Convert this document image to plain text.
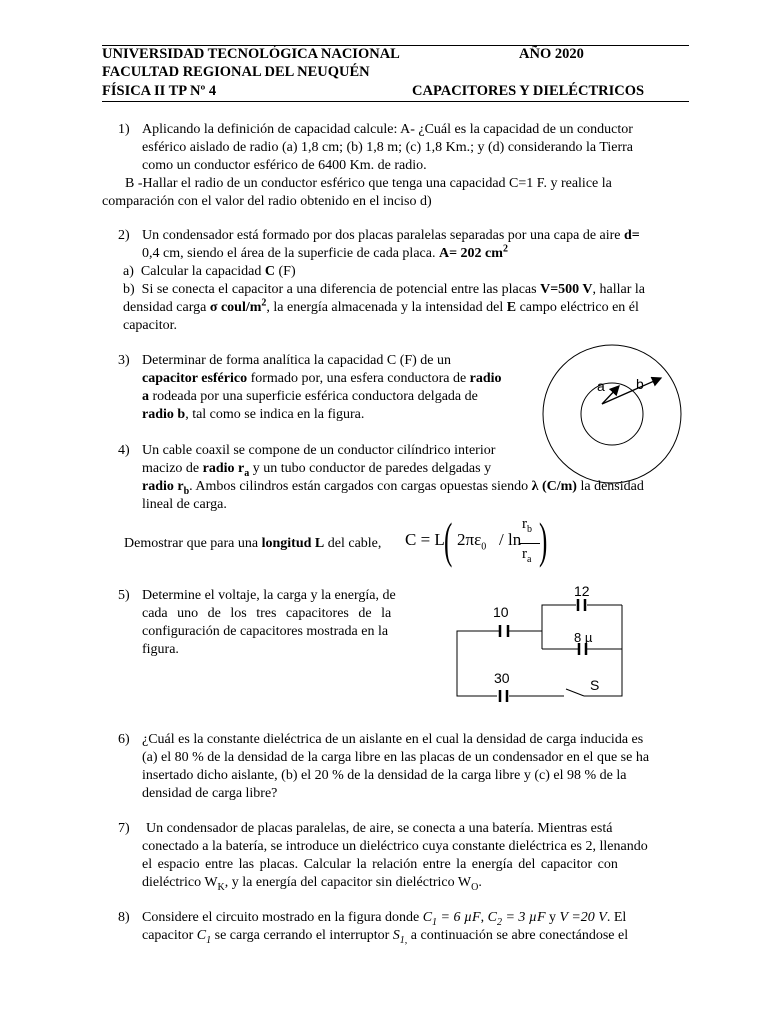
UNIVERSIDAD TECNOLÓGICA NACIONAL	AÑO 2020
FACULTAD REGIONAL DEL NEUQUÉN
FÍSICA II TP Nº 4	CAPACITORES Y DIELÉCTRICOS
1) Aplicando la definición de capacidad calcule: A- ¿Cuál es la capacidad de un conductor
esférico aislado de radio (a) 1,8 cm; (b) 1,8 m; (c) 1,8 Km.; y (d) considerando la Tierra
como un conductor esférico de 6400 Km. de radio.
B -Hallar el radio de un conductor esférico que tenga una capacidad C=1 F. y realice la
comparación con el valor del radio obtenido en el inciso d)
2) Un condensador está formado por dos placas paralelas separadas por una capa de aire d=
0,4 cm, siendo el área de la superficie de cada placa. A= 202 $cm^2$
a) Calcular la capacidad C (F)
b) Si se conecta el capacitor a una diferencia de potencial entre las placas V=500 V, hallar la
densidad carga σ coul/$m^2$, la energía almacenada y la intensidad del E campo eléctrico en él
capacitor.
3) Determinar de forma analítica la capacidad C (F) de un
capacitor esférico formado por, una esfera conductora de radio
a rodeada por una superficie esférica conductora delgada de
radio b, tal como se indica en la figura.
a b
4) Un cable coaxil se compone de un conductor cilíndrico interior
macizo de radio $r_a$ y un tubo conductor de paredes delgadas y
radio $r_b$. Ambos cilindros están cargados con cargas opuestas siendo λ (C/m) la densidad
lineal de carga.
Demostrar que para una longitud L del cable, C = L ( $2\pi\varepsilon_0$ / ln
$r_b$
$r_a$ )
5) Determine el voltaje, la carga y la energía, de
cada uno de los tres capacitores de la
configuración de capacitores mostrada en la
figura.
12
10
8 µ
30	S
6) ¿Cuál es la constante dieléctrica de un aislante en el cual la densidad de carga inducida es
(a) el 80 % de la densidad de la carga libre en las placas de un condensador en el que se ha
insertado dicho aislante, (b) el 20 % de la densidad de la carga libre y (c) el 98 % de la
densidad de carga libre?
7) Un condensador de placas paralelas, de aire, se conecta a una batería. Mientras está
conectado a la batería, se introduce un dieléctrico cuya constante dieléctrica es 2, llenando
el espacio entre las placas. Calcular la relación entre la energía del capacitor con
dieléctrico $W_K$, y la energía del capacitor sin dieléctrico $W_O$.
8) Considere el circuito mostrado en la figura donde $C_1 = 6$ µF, $C_2 = 3$ µF y V =20 V. El
capacitor $C_1$ se carga cerrando el interruptor $S_{1,}$ a continuación se abre conectándose el
